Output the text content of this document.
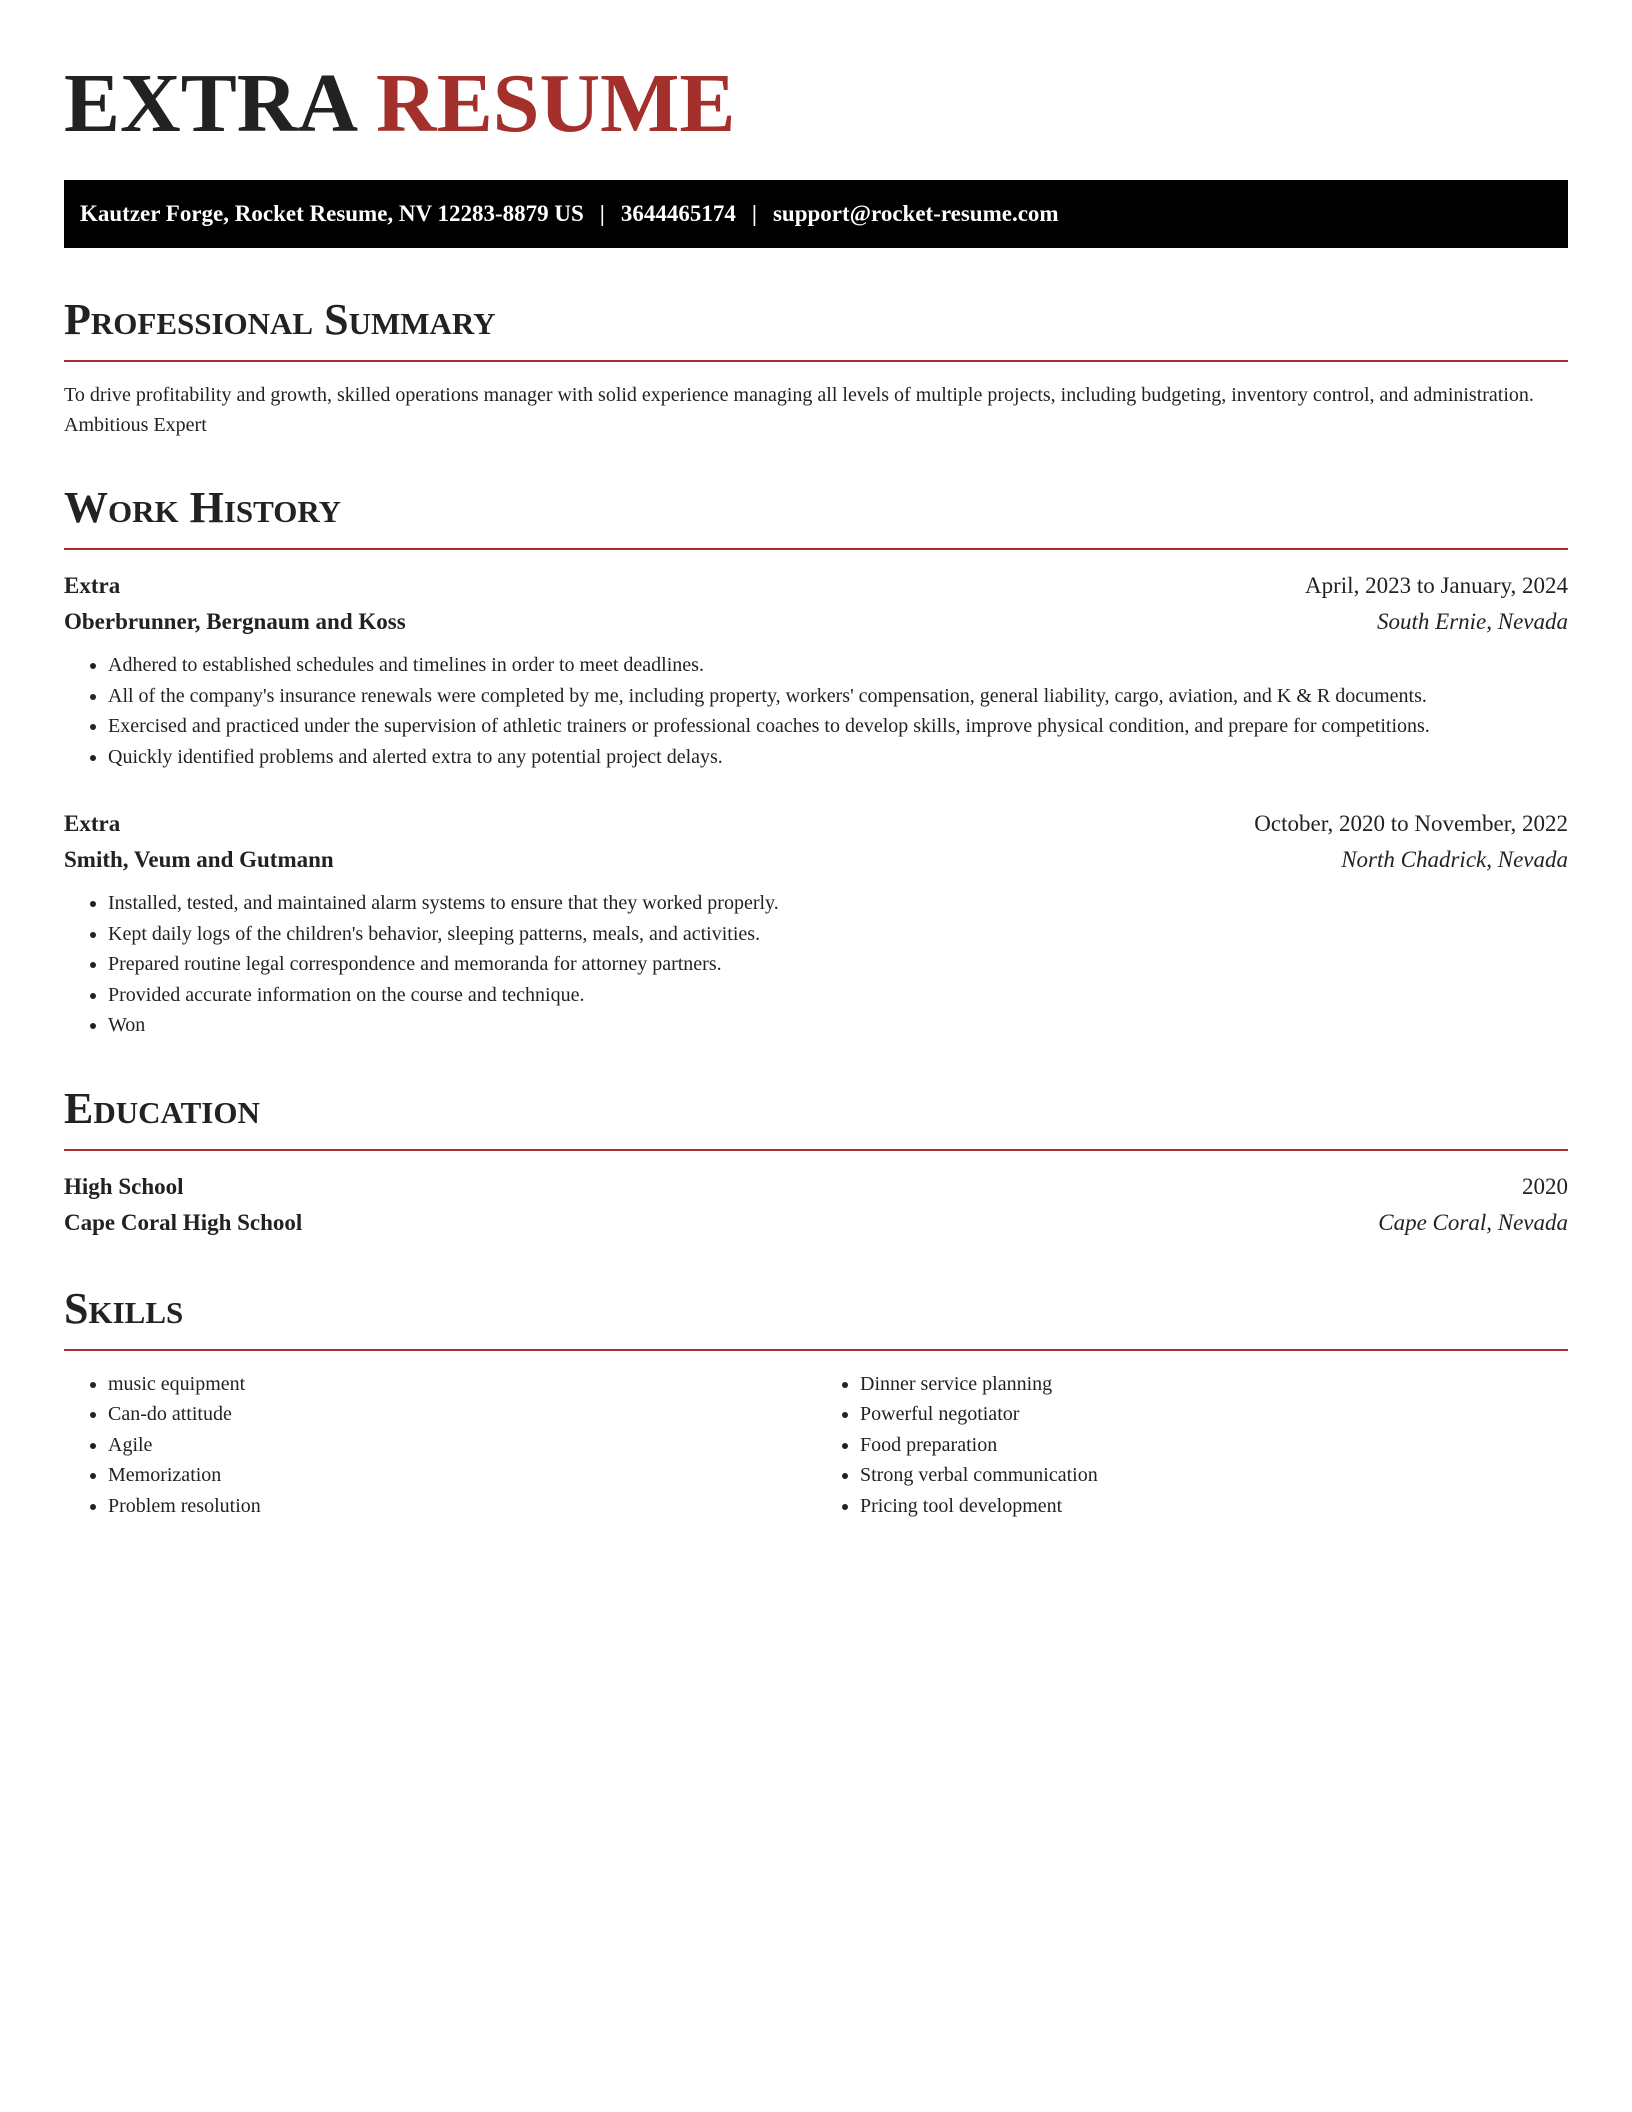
EXTRA RESUME
Kautzer Forge, Rocket Resume, NV 12283-8879 US | 3644465174 | support@rocket-resume.com
Professional Summary

To drive profitability and growth, skilled operations manager with solid experience managing all levels of multiple projects, including budgeting, inventory control, and administration. Ambitious Expert

Work History
Extra	April, 2023 to January, 2024
Oberbrunner, Bergnaum and Koss	South Ernie, Nevada
• Adhered to established schedules and timelines in order to meet deadlines.
• All of the company's insurance renewals were completed by me, including property, workers' compensation, general liability, cargo, aviation, and K & R documents.
• Exercised and practiced under the supervision of athletic trainers or professional coaches to develop skills, improve physical condition, and prepare for competitions.
• Quickly identified problems and alerted extra to any potential project delays.
Extra	October, 2020 to November, 2022
Smith, Veum and Gutmann	North Chadrick, Nevada
• Installed, tested, and maintained alarm systems to ensure that they worked properly.
• Kept daily logs of the children's behavior, sleeping patterns, meals, and activities.
• Prepared routine legal correspondence and memoranda for attorney partners.
• Provided accurate information on the course and technique.
• Won
Education
High School	2020
Cape Coral High School	Cape Coral, Nevada
Skills
• music equipment
• Can-do attitude
• Agile
• Memorization
• Problem resolution
• Dinner service planning
• Powerful negotiator
• Food preparation
• Strong verbal communication
• Pricing tool development
